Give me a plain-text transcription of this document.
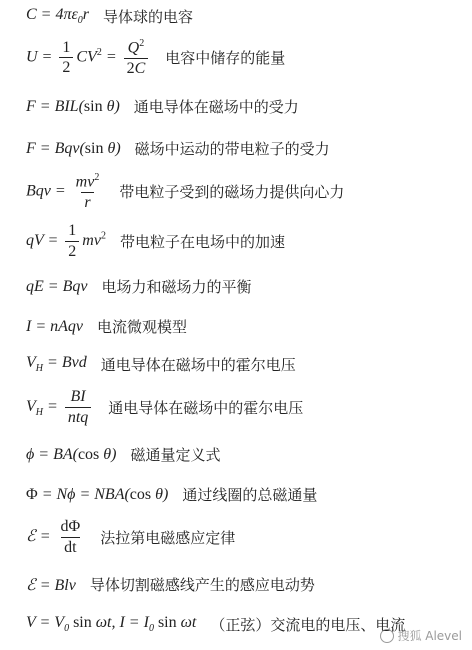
$C = 4\pi\varepsilon_0r$ 导体球的电容
$U = \frac{1}{2} CV^2 = \frac{Q^2}{2C}$ 电容中储存的能量
F = BIL(sin θ) 通电导体在磁场中的受力
F = Bqv(sin θ) 磁场中运动的带电粒子的受力
Bqv = $\frac{mv^2}{r}$ 带电粒子受到的磁场力提供向心力
qV = $\frac{1}{2} mv^2$ 带电粒子在电场中的加速
qE = Bqv 电场力和磁场力的平衡
I = nAqv 电流微观模型
$V_H$ = Bvd 通电导体在磁场中的霍尔电压
$V_H$ =
BI
ntq
通电导体在磁场中的霍尔电压
ϕ = BA(cos θ) 磁通量定义式
Φ = Nϕ = NBA(cos θ) 通过线圈的总磁通量
ℰ = $\frac{d\Phi}{dt}$ 法拉第电磁感应定律
ℰ = Blv 导体切割磁感线产生的感应电动势
$V = V_0$ sin ωt, $I = I_0$ sin ωt （正弦）交流电的电压、电流
搜狐 Alevel
